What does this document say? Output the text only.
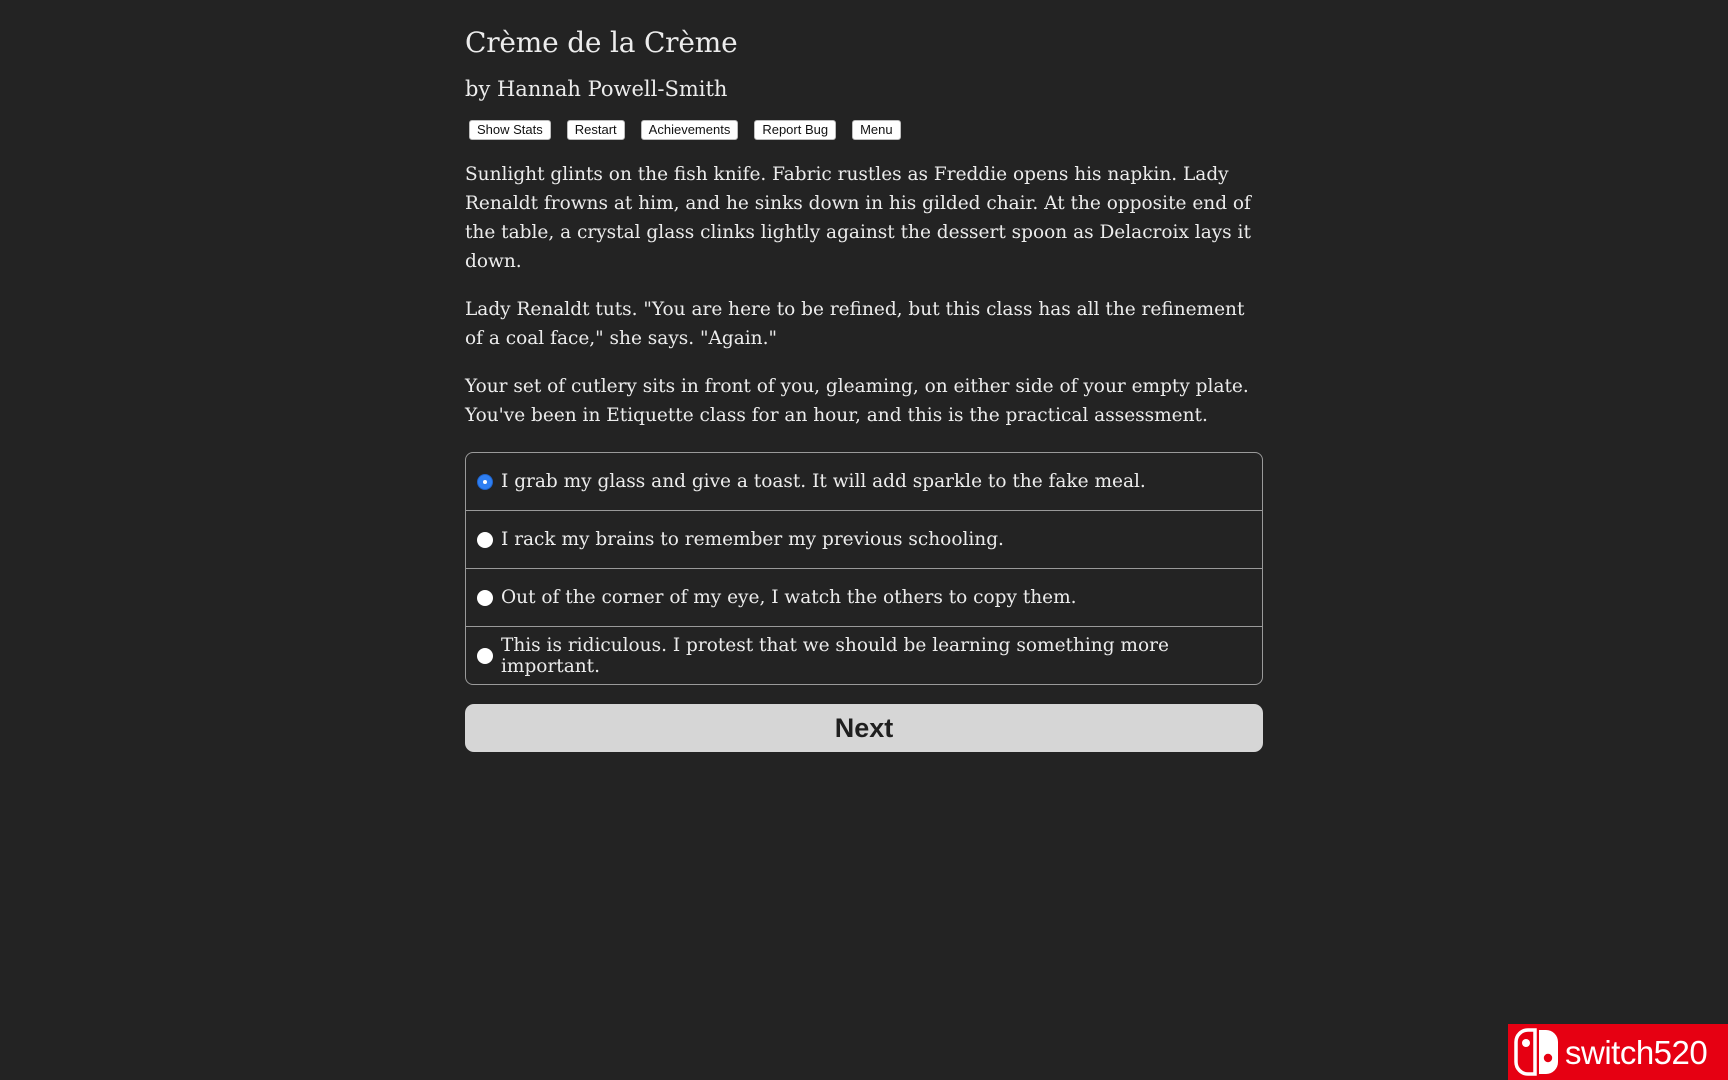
Crème de la Crème
by Hannah Powell-Smith
Show Stats	Restart	Achievements	Report Bug	Menu

Sunlight glints on the fish knife. Fabric rustles as Freddie opens his napkin. Lady Renaldt frowns at him, and he sinks down in his gilded chair. At the opposite end of the table, a crystal glass clinks lightly against the dessert spoon as Delacroix lays it down.

Lady Renaldt tuts. "You are here to be refined, but this class has all the refinement of a coal face," she says. "Again."

Your set of cutlery sits in front of you, gleaming, on either side of your empty plate. You've been in Etiquette class for an hour, and this is the practical assessment.

I grab my glass and give a toast. It will add sparkle to the fake meal.
I rack my brains to remember my previous schooling.
Out of the corner of my eye, I watch the others to copy them.
This is ridiculous. I protest that we should be learning something more important.
Next
switch520
